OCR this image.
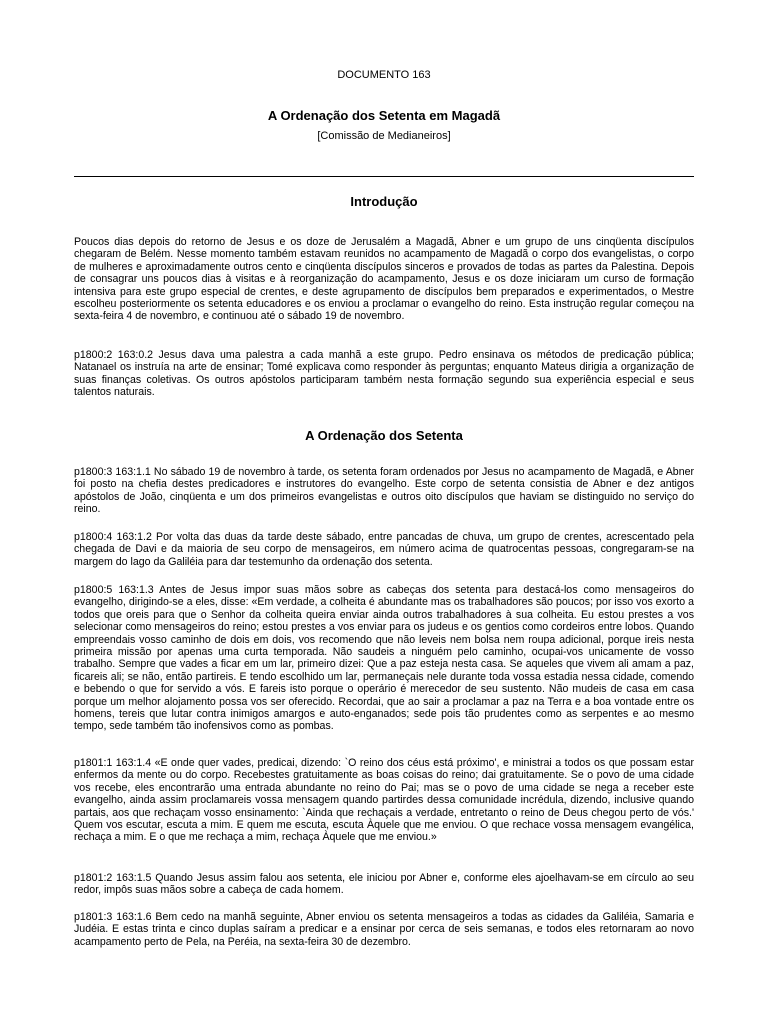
DOCUMENTO 163
A Ordenação dos Setenta em Magadã
[Comissão de Medianeiros]
Introdução

Poucos dias depois do retorno de Jesus e os doze de Jerusalém a Magadã, Abner e um grupo de uns cinqüenta discípulos chegaram de Belém. Nesse momento também estavam reunidos no acampamento de Magadã o corpo dos evangelistas, o corpo de mulheres e aproximadamente outros cento e cinqüenta discípulos sinceros e provados de todas as partes da Palestina. Depois de consagrar uns poucos dias à visitas e à reorganização do acampamento, Jesus e os doze iniciaram um curso de formação intensiva para este grupo especial de crentes, e deste agrupamento de discípulos bem preparados e experimentados, o Mestre escolheu posteriormente os setenta educadores e os enviou a proclamar o evangelho do reino. Esta instrução regular começou na sexta-feira 4 de novembro, e continuou até o sábado 19 de novembro.

p1800:2 163:0.2 Jesus dava uma palestra a cada manhã a este grupo. Pedro ensinava os métodos de predicação pública; Natanael os instruía na arte de ensinar; Tomé explicava como responder às perguntas; enquanto Mateus dirigia a organização de suas finanças coletivas. Os outros apóstolos participaram também nesta formação segundo sua experiência especial e seus talentos naturais.

A Ordenação dos Setenta

p1800:3 163:1.1 No sábado 19 de novembro à tarde, os setenta foram ordenados por Jesus no acampamento de Magadã, e Abner foi posto na chefia destes predicadores e instrutores do evangelho. Este corpo de setenta consistia de Abner e dez antigos apóstolos de João, cinqüenta e um dos primeiros evangelistas e outros oito discípulos que haviam se distinguido no serviço do reino.

p1800:4 163:1.2 Por volta das duas da tarde deste sábado, entre pancadas de chuva, um grupo de crentes, acrescentado pela chegada de Davi e da maioria de seu corpo de mensageiros, em número acima de quatrocentas pessoas, congregaram-se na margem do lago da Galiléia para dar testemunho da ordenação dos setenta.

p1800:5 163:1.3 Antes de Jesus impor suas mãos sobre as cabeças dos setenta para destacá-los como mensageiros do evangelho, dirigindo-se a eles, disse: «Em verdade, a colheita é abundante mas os trabalhadores são poucos; por isso vos exorto a todos que oreis para que o Senhor da colheita queira enviar ainda outros trabalhadores à sua colheita. Eu estou prestes a vos selecionar como mensageiros do reino; estou prestes a vos enviar para os judeus e os gentios como cordeiros entre lobos. Quando empreendais vosso caminho de dois em dois, vos recomendo que não leveis nem bolsa nem roupa adicional, porque ireis nesta primeira missão por apenas uma curta temporada. Não saudeis a ninguém pelo caminho, ocupai-vos unicamente de vosso trabalho. Sempre que vades a ficar em um lar, primeiro dizei: Que a paz esteja nesta casa. Se aqueles que vivem ali amam a paz, ficareis ali; se não, então partireis. E tendo escolhido um lar, permaneçais nele durante toda vossa estadia nessa cidade, comendo e bebendo o que for servido a vós. E fareis isto porque o operário é merecedor de seu sustento. Não mudeis de casa em casa porque um melhor alojamento possa vos ser oferecido. Recordai, que ao sair a proclamar a paz na Terra e a boa vontade entre os homens, tereis que lutar contra inimigos amargos e auto-enganados; sede pois tão prudentes como as serpentes e ao mesmo tempo, sede também tão inofensivos como as pombas.

p1801:1 163:1.4 «E onde quer vades, predicai, dizendo: `O reino dos céus está próximo', e ministrai a todos os que possam estar enfermos da mente ou do corpo. Recebestes gratuitamente as boas coisas do reino; dai gratuitamente. Se o povo de uma cidade vos recebe, eles encontrarão uma entrada abundante no reino do Pai; mas se o povo de uma cidade se nega a receber este evangelho, ainda assim proclamareis vossa mensagem quando partirdes dessa comunidade incrédula, dizendo, inclusive quando partais, aos que rechaçam vosso ensinamento: `Ainda que rechaçais a verdade, entretanto o reino de Deus chegou perto de vós.' Quem vos escutar, escuta a mim. E quem me escuta, escuta Àquele que me enviou. O que rechace vossa mensagem evangélica, rechaça a mim. E o que me rechaça a mim, rechaça Àquele que me enviou.»

p1801:2 163:1.5 Quando Jesus assim falou aos setenta, ele iniciou por Abner e, conforme eles ajoelhavam-se em círculo ao seu redor, impôs suas mãos sobre a cabeça de cada homem.

p1801:3 163:1.6 Bem cedo na manhã seguinte, Abner enviou os setenta mensageiros a todas as cidades da Galiléia, Samaria e Judéia. E estas trinta e cinco duplas saíram a predicar e a ensinar por cerca de seis semanas, e todos eles retornaram ao novo acampamento perto de Pela, na Peréia, na sexta-feira 30 de dezembro.
